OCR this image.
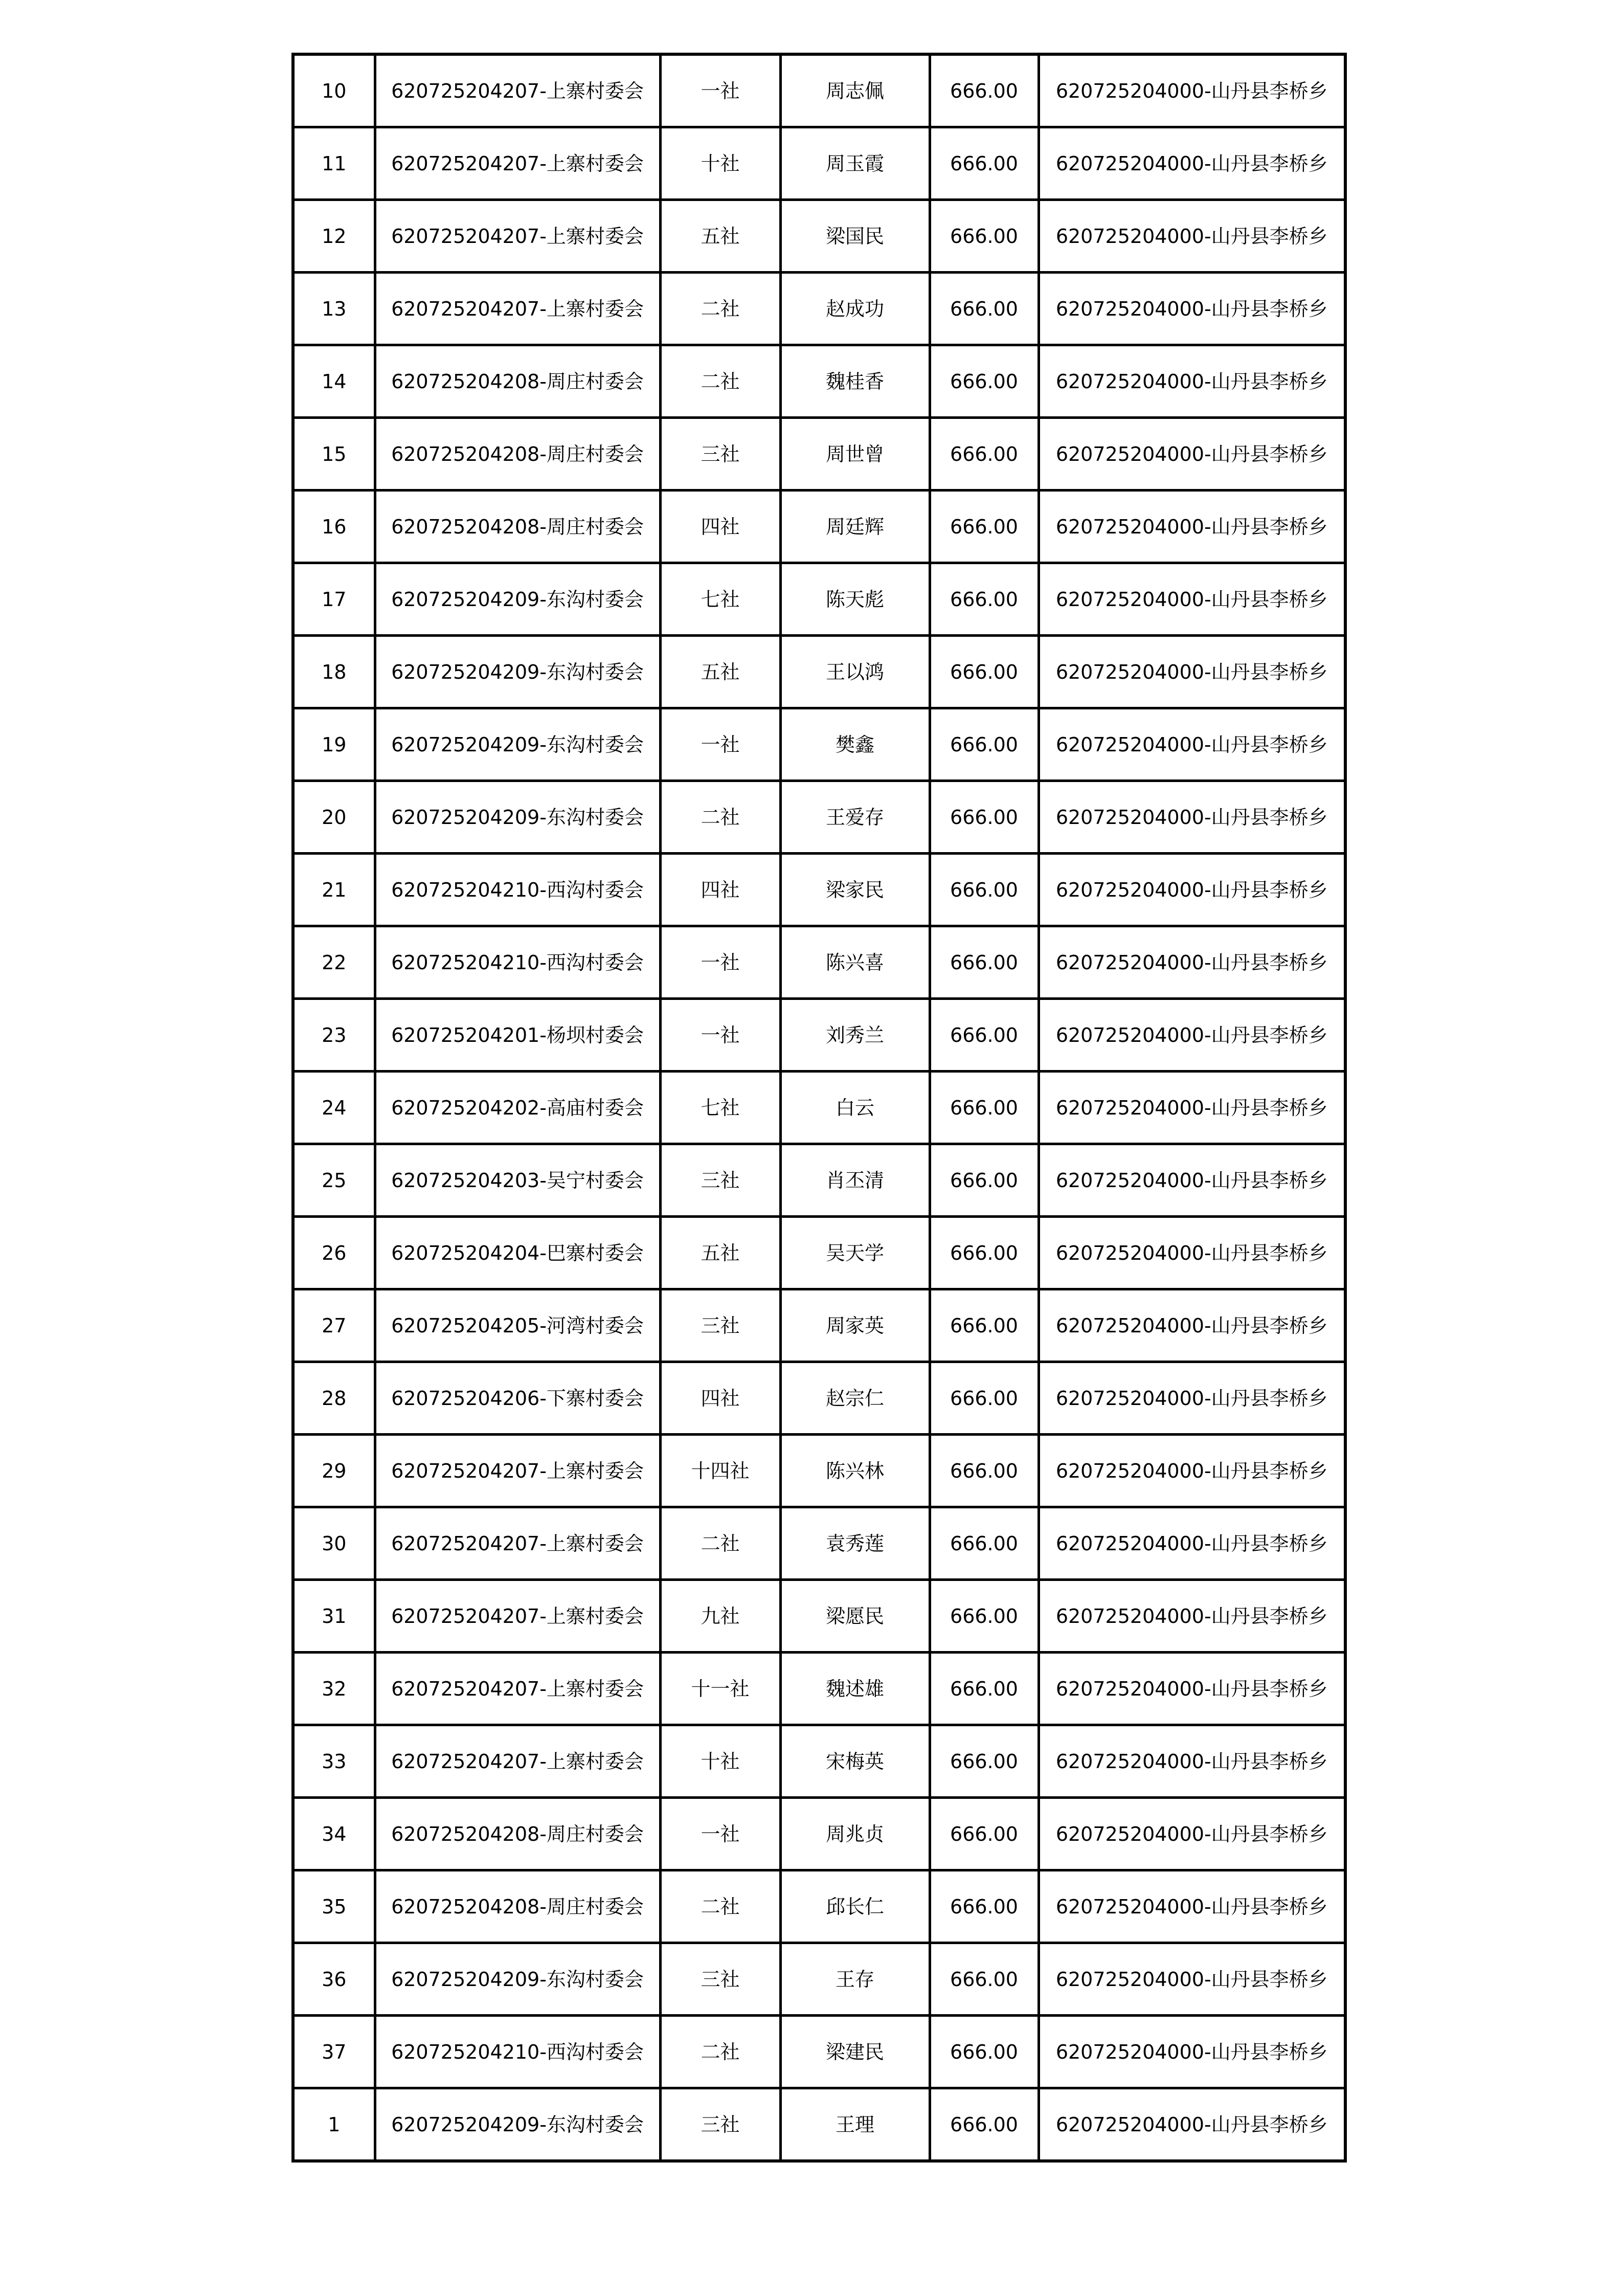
10	620725204207-上寨村委会	一社	周志佩	666.00	620725204000-山丹县李桥乡
11	620725204207-上寨村委会	十社	周玉霞	666.00	620725204000-山丹县李桥乡
12	620725204207-上寨村委会	五社	梁国民	666.00	620725204000-山丹县李桥乡
13	620725204207-上寨村委会	二社	赵成功	666.00	620725204000-山丹县李桥乡
14	620725204208-周庄村委会	二社	魏桂香	666.00	620725204000-山丹县李桥乡
15	620725204208-周庄村委会	三社	周世曾	666.00	620725204000-山丹县李桥乡
16	620725204208-周庄村委会	四社	周廷辉	666.00	620725204000-山丹县李桥乡
17	620725204209-东沟村委会	七社	陈天彪	666.00	620725204000-山丹县李桥乡
18	620725204209-东沟村委会	五社	王以鸿	666.00	620725204000-山丹县李桥乡
19	620725204209-东沟村委会	一社	樊鑫	666.00	620725204000-山丹县李桥乡
20	620725204209-东沟村委会	二社	王爱存	666.00	620725204000-山丹县李桥乡
21	620725204210-西沟村委会	四社	梁家民	666.00	620725204000-山丹县李桥乡
22	620725204210-西沟村委会	一社	陈兴喜	666.00	620725204000-山丹县李桥乡
23	620725204201-杨坝村委会	一社	刘秀兰	666.00	620725204000-山丹县李桥乡
24	620725204202-高庙村委会	七社	白云	666.00	620725204000-山丹县李桥乡
25	620725204203-吴宁村委会	三社	肖丕清	666.00	620725204000-山丹县李桥乡
26	620725204204-巴寨村委会	五社	吴天学	666.00	620725204000-山丹县李桥乡
27	620725204205-河湾村委会	三社	周家英	666.00	620725204000-山丹县李桥乡
28	620725204206-下寨村委会	四社	赵宗仁	666.00	620725204000-山丹县李桥乡
29	620725204207-上寨村委会	十四社	陈兴林	666.00	620725204000-山丹县李桥乡
30	620725204207-上寨村委会	二社	袁秀莲	666.00	620725204000-山丹县李桥乡
31	620725204207-上寨村委会	九社	梁愿民	666.00	620725204000-山丹县李桥乡
32	620725204207-上寨村委会	十一社	魏述雄	666.00	620725204000-山丹县李桥乡
33	620725204207-上寨村委会	十社	宋梅英	666.00	620725204000-山丹县李桥乡
34	620725204208-周庄村委会	一社	周兆贞	666.00	620725204000-山丹县李桥乡
35	620725204208-周庄村委会	二社	邱长仁	666.00	620725204000-山丹县李桥乡
36	620725204209-东沟村委会	三社	王存	666.00	620725204000-山丹县李桥乡
37	620725204210-西沟村委会	二社	梁建民	666.00	620725204000-山丹县李桥乡
1	620725204209-东沟村委会	三社	王理	666.00	620725204000-山丹县李桥乡
